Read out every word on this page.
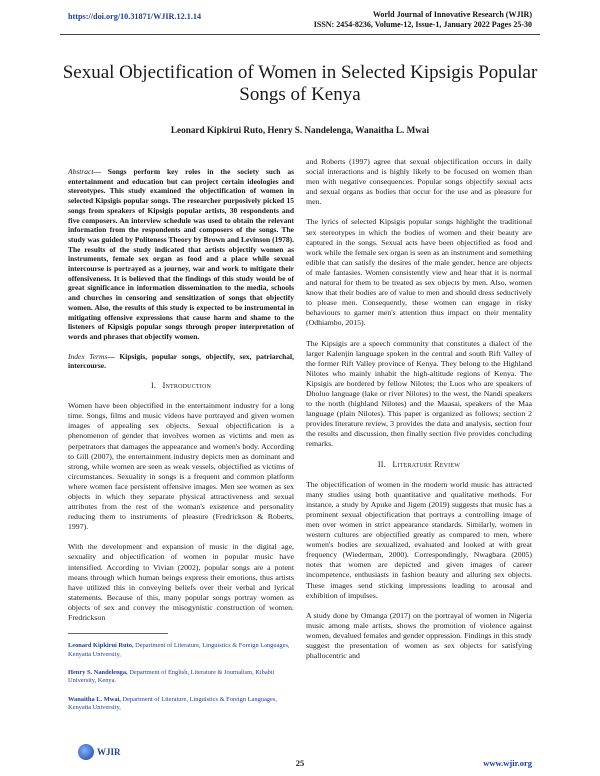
https://doi.org/10.31871/WJIR.12.1.14	World Journal of Innovative Research (WJIR)
ISSN: 2454-8236, Volume-12, Issue-1, January 2022 Pages 25-30
Sexual Objectification of Women in Selected Kipsigis Popular Songs of Kenya
Leonard Kipkirui Ruto, Henry S. Nandelenga, Wanaitha L. Mwai

Abstract— Songs perform key roles in the society such as entertainment and education but can project certain ideologies and stereotypes. This study examined the objectification of women in selected Kipsigis popular songs. The researcher purposively picked 15 songs from speakers of Kipsigis popular artists, 30 respondents and five composers. An interview schedule was used to obtain the relevant information from the respondents and composers of the songs. The study was guided by Politeness Theory by Brown and Levinson (1978). The results of the study indicated that artists objectify women as instruments, female sex organ as food and a place while sexual intercourse is portrayed as a journey, war and work to mitigate their offensiveness. It is believed that the findings of this study would be of great significance in information dissemination to the media, schools and churches in censoring and sensitization of songs that objectify women. Also, the results of this study is expected to be instrumental in mitigating offensive expressions that cause harm and shame to the listeners of Kipsigis popular songs through proper interpretation of words and phrases that objectify women.

Index Terms— Kipsigis, popular songs, objectify, sex, patriarchal, intercourse.

I. Introduction

Women have been objectified in the entertainment industry for a long time. Songs, films and music videos have portrayed and given women images of appealing sex objects. Sexual objectification is a phenomenon of gender that involves women as victims and men as perpetrators that damages the appearance and women's body. According to Gill (2007), the entertainment industry depicts men as dominant and strong, while women are seen as weak vessels, objectified as victims of circumstances. Sexuality in songs is a frequent and common platform where women face persistent offensive images. Men see women as sex objects in which they separate physical attractiveness and sexual attributes from the rest of the woman's existence and personality reducing them to instruments of pleasure (Fredrickson & Roberts, 1997).

With the development and expansion of music in the digital age, sexuality and objectification of women in popular music have intensified. According to Vivian (2002), popular songs are a potent means through which human beings express their emotions, thus artists have utilized this in conveying beliefs over their verbal and lyrical statements. Because of this, many popular songs portray women as objects of sex and convey the misogynistic construction of women. Fredrickson

Leonard Kipkirui Ruto, Department of Literature, Linguistics & Foreign Languages, Kenyatta University,

Henry S. Nandelenga, Department of English, Literature & Journalism, Kibabii University, Kenya.

Wanaitha L. Mwai, Department of Literature, Linguistics & Foreign Languages, Kenyatta University,

and Roberts (1997) agree that sexual objectification occurs in daily social interactions and is highly likely to be focused on women than men with negative consequences. Popular songs objectify sexual acts and sexual organs as bodies that occur for the use and as pleasure for men.

The lyrics of selected Kipsigis popular songs highlight the traditional sex stereotypes in which the bodies of women and their beauty are captured in the songs. Sexual acts have been objectified as food and work while the female sex organ is seen as an instrument and something edible that can satisfy the desires of the male gender, hence are objects of male fantasies. Women consistently view and hear that it is normal and natural for them to be treated as sex objects by men. Also, women know that their bodies are of value to men and should dress seductively to please men. Consequently, these women can engage in risky behaviours to garner men's attention thus impact on their mentality (Odhiambo, 2015).

The Kipsigis are a speech community that constitutes a dialect of the larger Kalenjin language spoken in the central and south Rift Valley of the former Rift Valley province of Kenya. They belong to the Highland Nilotes who mainly inhabit the high-altitude regions of Kenya. The Kipsigis are bordered by fellow Nilotes; the Luos who are speakers of Dholuo language (lake or river Nilotes) to the west, the Nandi speakers to the north (highland Nilotes) and the Maasai, speakers of the Maa language (plain Nilotes). This paper is organized as follows; section 2 provides literature review, 3 provides the data and analysis, section four the results and discussion, then finally section five provides concluding remarks.

II. Literature Review

The objectification of women in the modern world music has attracted many studies using both quantitative and qualitative methods. For instance, a study by Apuke and Jigem (2019) suggests that music has a prominent sexual objectification that portrays a controlling image of men over women in strict appearance standards. Similarly, women in western cultures are objectified greatly as compared to men, where women's bodies are sexualized, evaluated and looked at with great frequency (Wiederman, 2000). Correspondingly, Nwagbara (2005) notes that women are depicted and given images of career incompetence, enthusiasts in fashion beauty and alluring sex objects. These images send sticking impressions leading to arousal and exhibition of impulses.

A study done by Omanga (2017) on the portrayal of women in Nigeria music among male artists, shows the promotion of violence against women, devalued females and gender oppression. Findings in this study suggest the presentation of women as sex objects for satisfying phallocentric and

WJIR
25	www.wjir.org
